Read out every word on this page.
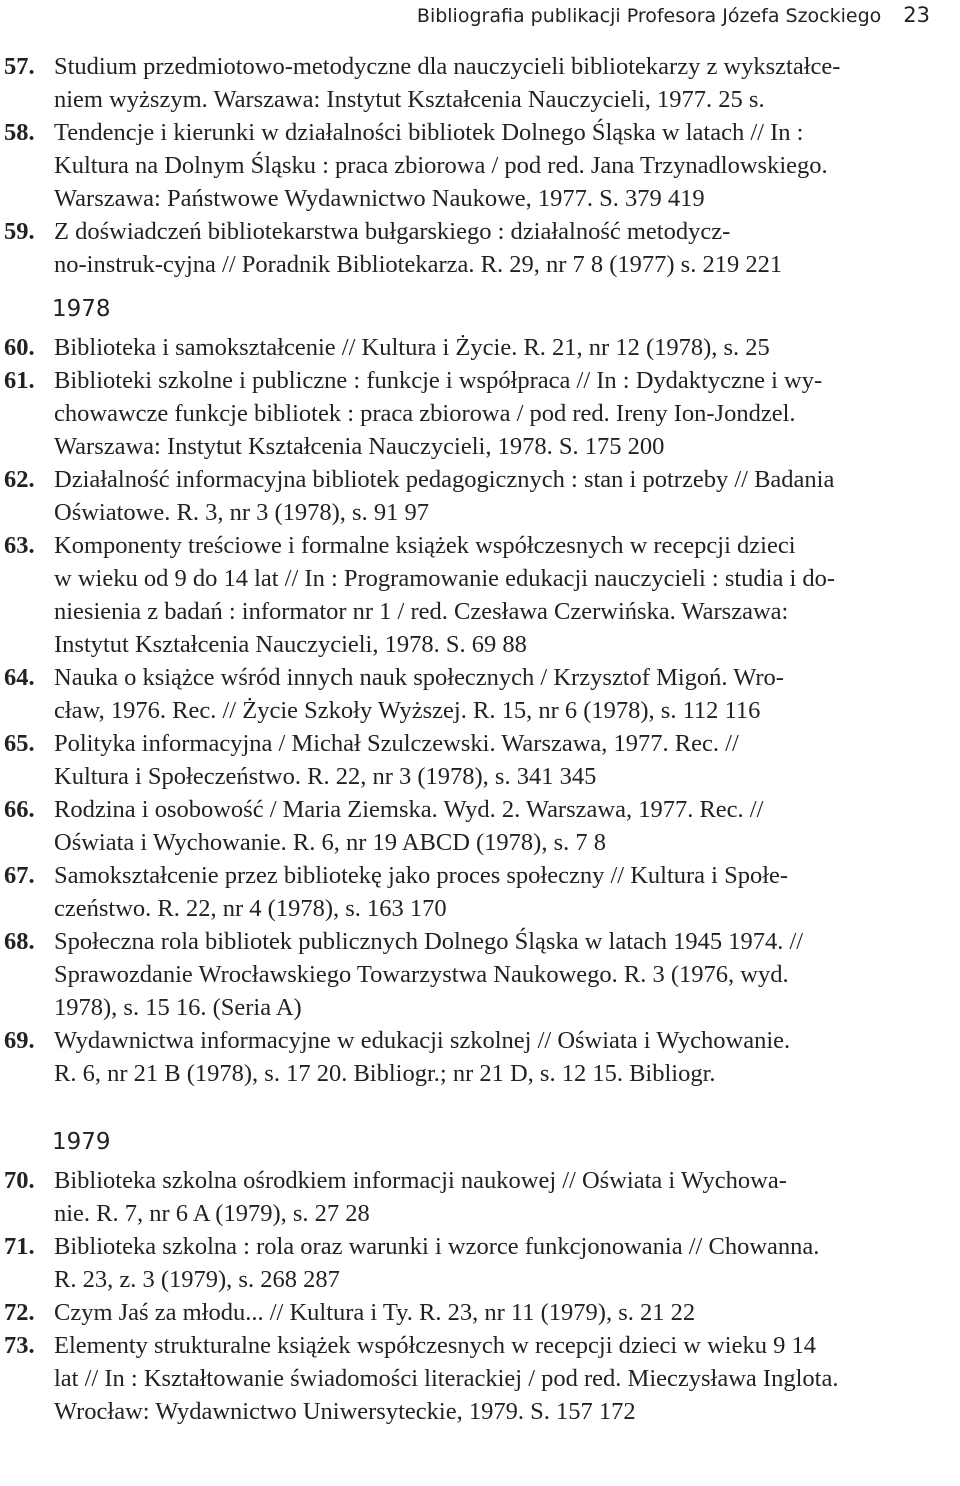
Bibliografia publikacji Profesora Józefa Szockiego 23
57. Studium przedmiotowo-metodyczne dla nauczycieli bibliotekarzy z wykształce-
niem wyższym. Warszawa: Instytut Kształcenia Nauczycieli, 1977. 25 s.
58. Tendencje i kierunki w działalności bibliotek Dolnego Śląska w latach // In :
Kultura na Dolnym Śląsku : praca zbiorowa / pod red. Jana Trzynadlowskiego.
Warszawa: Państwowe Wydawnictwo Naukowe, 1977. S. 379 419
59. Z doświadczeń bibliotekarstwa bułgarskiego : działalność metodycz-
no-instruk-cyjna // Poradnik Bibliotekarza. R. 29, nr 7 8 (1977) s. 219 221
1978
60. Biblioteka i samokształcenie // Kultura i Życie. R. 21, nr 12 (1978), s. 25
61. Biblioteki szkolne i publiczne : funkcje i współpraca // In : Dydaktyczne i wy-
chowawcze funkcje bibliotek : praca zbiorowa / pod red. Ireny Ion-Jondzel.
Warszawa: Instytut Kształcenia Nauczycieli, 1978. S. 175 200
62. Działalność informacyjna bibliotek pedagogicznych : stan i potrzeby // Badania
Oświatowe. R. 3, nr 3 (1978), s. 91 97
63. Komponenty treściowe i formalne książek współczesnych w recepcji dzieci
w wieku od 9 do 14 lat // In : Programowanie edukacji nauczycieli : studia i do-
niesienia z badań : informator nr 1 / red. Czesława Czerwińska. Warszawa:
Instytut Kształcenia Nauczycieli, 1978. S. 69 88
64. Nauka o książce wśród innych nauk społecznych / Krzysztof Migoń. Wro-
cław, 1976. Rec. // Życie Szkoły Wyższej. R. 15, nr 6 (1978), s. 112 116
65. Polityka informacyjna / Michał Szulczewski. Warszawa, 1977. Rec. //
Kultura i Społeczeństwo. R. 22, nr 3 (1978), s. 341 345
66. Rodzina i osobowość / Maria Ziemska. Wyd. 2. Warszawa, 1977. Rec. //
Oświata i Wychowanie. R. 6, nr 19 ABCD (1978), s. 7 8
67. Samokształcenie przez bibliotekę jako proces społeczny // Kultura i Społe-
czeństwo. R. 22, nr 4 (1978), s. 163 170
68. Społeczna rola bibliotek publicznych Dolnego Śląska w latach 1945 1974. //
Sprawozdanie Wrocławskiego Towarzystwa Naukowego. R. 3 (1976, wyd.
1978), s. 15 16. (Seria A)
69. Wydawnictwa informacyjne w edukacji szkolnej // Oświata i Wychowanie.
R. 6, nr 21 B (1978), s. 17 20. Bibliogr.; nr 21 D, s. 12 15. Bibliogr.
1979
70. Biblioteka szkolna ośrodkiem informacji naukowej // Oświata i Wychowa-
nie. R. 7, nr 6 A (1979), s. 27 28
71. Biblioteka szkolna : rola oraz warunki i wzorce funkcjonowania // Chowanna.
R. 23, z. 3 (1979), s. 268 287
72. Czym Jaś za młodu... // Kultura i Ty. R. 23, nr 11 (1979), s. 21 22
73. Elementy strukturalne książek współczesnych w recepcji dzieci w wieku 9 14
lat // In : Kształtowanie świadomości literackiej / pod red. Mieczysława Inglota.
Wrocław: Wydawnictwo Uniwersyteckie, 1979. S. 157 172
